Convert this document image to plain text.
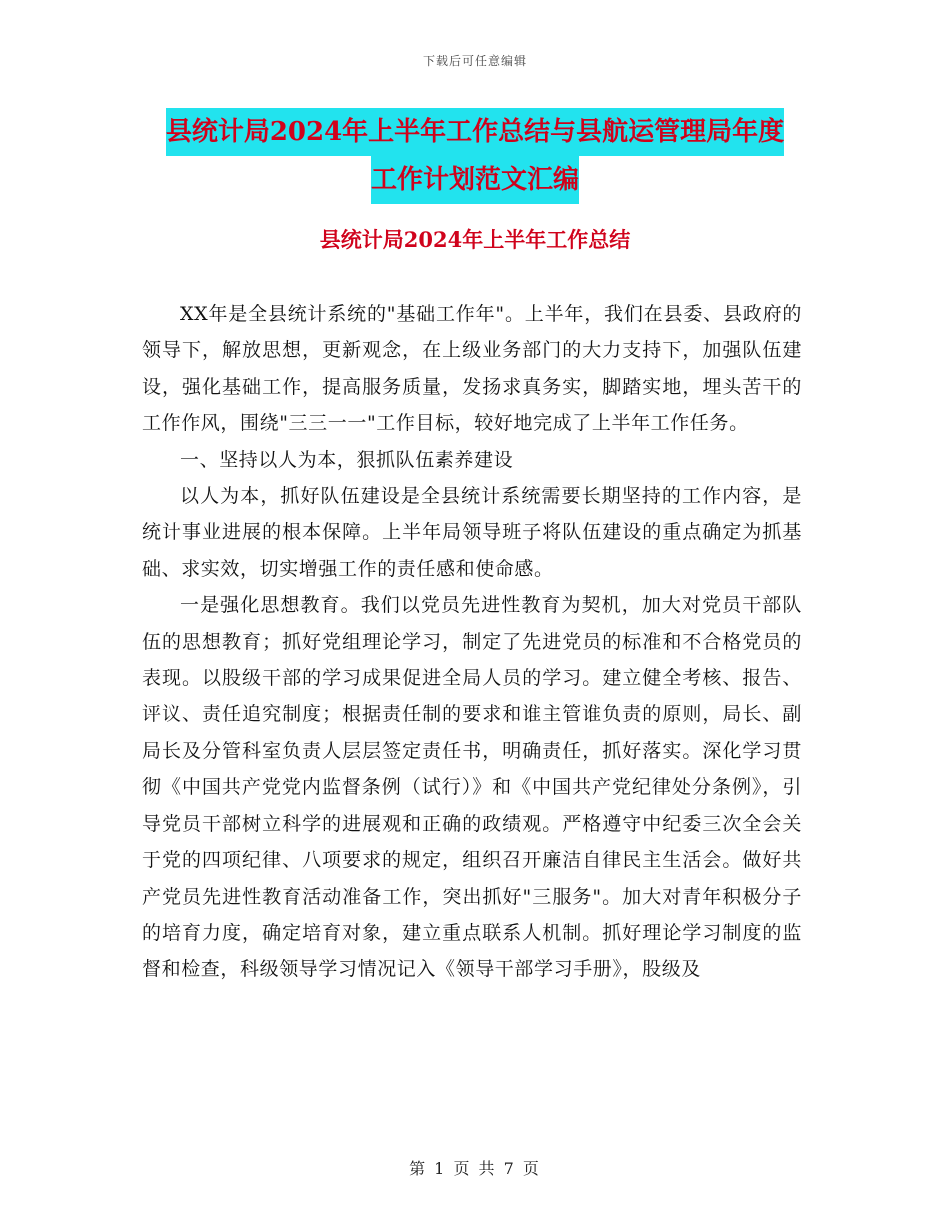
下载后可任意编辑
县统计局2024年上半年工作总结与县航运管理局年度
工作计划范文汇编
县统计局2024年上半年工作总结

XX年是全县统计系统的"基础工作年"。上半年，我们在县委、县政府的领导下，解放思想，更新观念，在上级业务部门的大力支持下，加强队伍建设，强化基础工作，提高服务质量，发扬求真务实，脚踏实地，埋头苦干的工作作风，围绕"三三一一"工作目标，较好地完成了上半年工作任务。

一、坚持以人为本，狠抓队伍素养建设

以人为本，抓好队伍建设是全县统计系统需要长期坚持的工作内容，是统计事业进展的根本保障。上半年局领导班子将队伍建设的重点确定为抓基础、求实效，切实增强工作的责任感和使命感。

一是强化思想教育。我们以党员先进性教育为契机，加大对党员干部队伍的思想教育；抓好党组理论学习，制定了先进党员的标准和不合格党员的表现。以股级干部的学习成果促进全局人员的学习。建立健全考核、报告、评议、责任追究制度；根据责任制的要求和谁主管谁负责的原则，局长、副局长及分管科室负责人层层签定责任书，明确责任，抓好落实。深化学习贯彻《中国共产党党内监督条例（试行）》和《中国共产党纪律处分条例》，引导党员干部树立科学的进展观和正确的政绩观。严格遵守中纪委三次全会关于党的四项纪律、八项要求的规定，组织召开廉洁自律民主生活会。做好共产党员先进性教育活动准备工作，突出抓好"三服务"。加大对青年积极分子的培育力度，确定培育对象，建立重点联系人机制。抓好理论学习制度的监督和检查，科级领导学习情况记入《领导干部学习手册》，股级及

第 1 页 共 7 页
